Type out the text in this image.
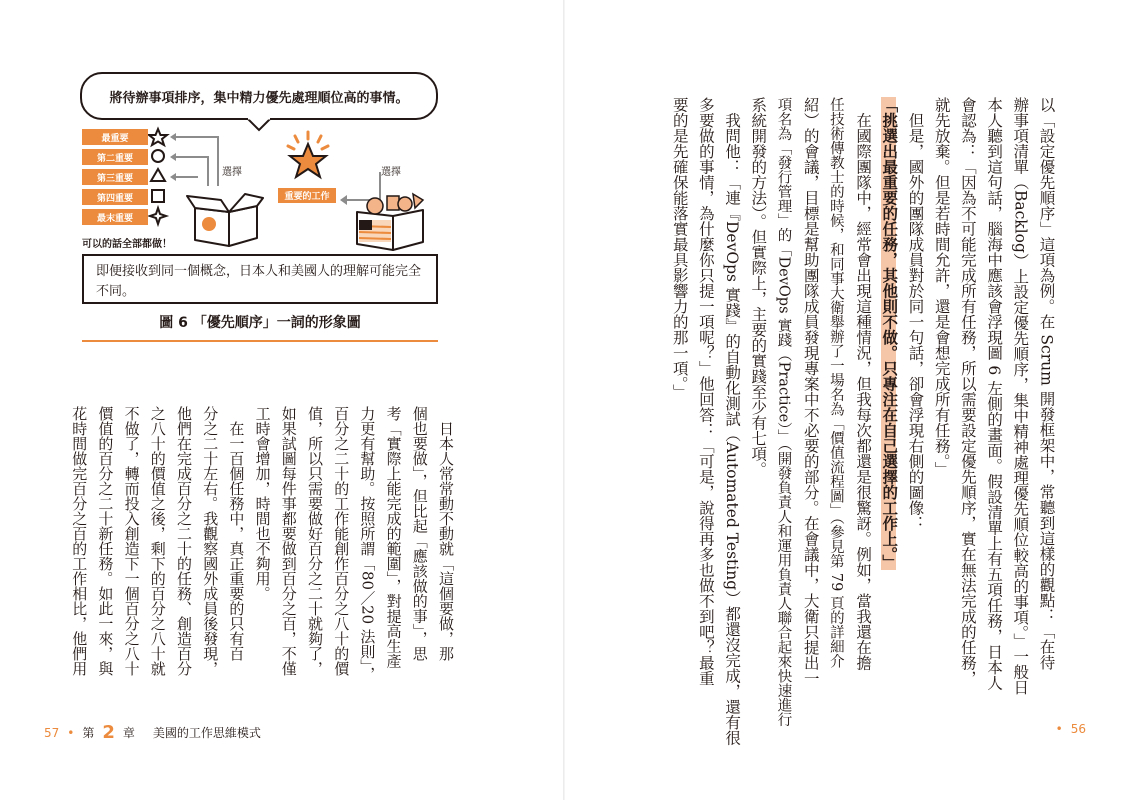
以「設定優先順序」這項為例。在 Scrum 開發框架中，常聽到這樣的觀點：「在待
辦事項清單（Backlog）上設定優先順序，集中精神處理優先順位較高的事項。」一般日
本人聽到這句話，腦海中應該會浮現圖 6 左側的畫面。假設清單上有五項任務，日本人
會認為：「因為不可能完成所有任務，所以需要設定優先順序，實在無法完成的任務，
就先放棄。但是若時間允許，還是會想完成所有任務。」
　但是，國外的團隊成員對於同一句話，卻會浮現右側的圖像：
「挑選出最重要的任務，其他則不做。只專注在自己選擇的工作上。」
　在國際團隊中，經常會出現這種情況，但我每次都還是很驚訝。例如，當我還在擔
任技術傳教士的時候，和同事大衛舉辦了一場名為「價值流程圖」（參見第 79 頁的詳細介
紹）的會議，目標是幫助團隊成員發現專案中不必要的部分。在會議中，大衛只提出一
項名為「發行管理」的「DevOps 實踐（Practice）」（開發負責人和運用負責人聯合起來快速進行
系統開發的方法）。但實際上，主要的實踐至少有七項。
　我問他：「連『DevOps 實踐』的自動化測試（Automated Testing）都還沒完成，還有很
多要做的事情，為什麼你只提一項呢？」他回答：「可是，說得再多也做不到吧？最重
要的是先確保能落實最具影響力的那一項。」
　日本人常常動不動就「這個要做，那
個也要做」，但比起「應該做的事」，思
考「實際上能完成的範圍」，對提高生產
力更有幫助。按照所謂「80／20 法則」，
百分之二十的工作能創作百分之八十的價
值，所以只需要做好百分之二十就夠了，
如果試圖每件事都要做到百分之百，不僅
工時會增加，時間也不夠用。
　在一百個任務中，真正重要的只有百
分之二十左右。我觀察國外成員後發現，
他們在完成百分之二十的任務、創造百分
之八十的價值之後，剩下的百分之八十就
不做了，轉而投入創造下一個百分之八十
價值的百分之二十新任務。如此一來，與
花時間做完百分之百的工作相比，他們用
將待辦事項排序，集中精力優先處理順位高的事情。
最重要
第二重要
第三重要
第四重要
最末重要
選擇
重要的工作
選擇
可以的話全部都做！
即便接收到同一個概念，日本人和美國人的理解可能完全不同。
圖 6 「優先順序」一詞的形象圖
57 • 第 2 章 美國的工作思維模式	• 56
